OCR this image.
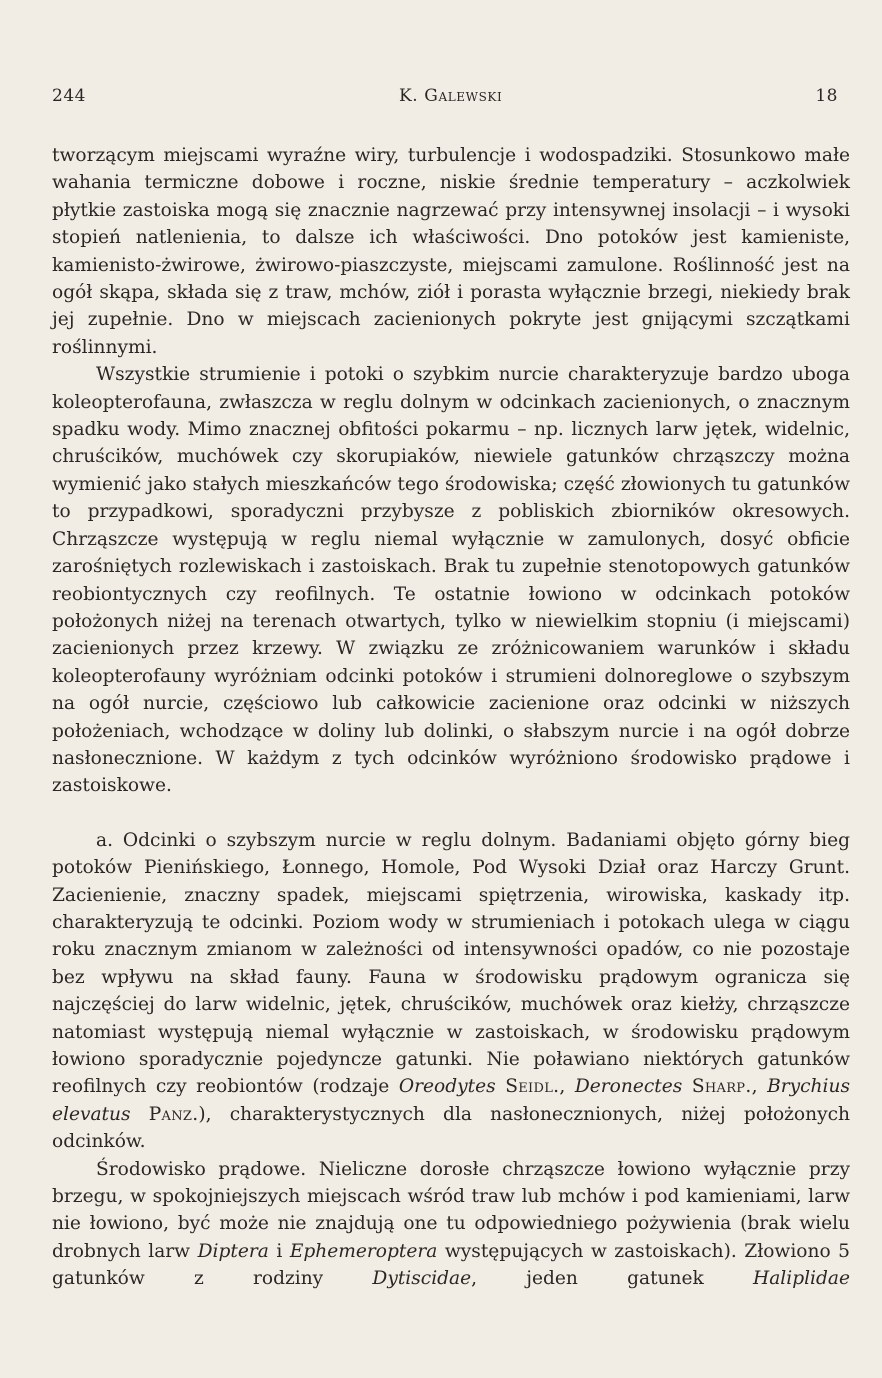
244	K. Galewski	18

tworzącym miejscami wyraźne wiry, turbulencje i wodospadziki. Stosunkowo małe wahania termiczne dobowe i roczne, niskie średnie temperatury – aczkolwiek płytkie zastoiska mogą się znacznie nagrzewać przy intensywnej insolacji – i wysoki stopień natlenienia, to dalsze ich właściwości. Dno potoków jest kamieniste, kamienisto-żwirowe, żwirowo-piaszczyste, miejscami zamulone. Roślinność jest na ogół skąpa, składa się z traw, mchów, ziół i porasta wyłącznie brzegi, niekiedy brak jej zupełnie. Dno w miejscach zacienionych pokryte jest gnijącymi szczątkami roślinnymi.

Wszystkie strumienie i potoki o szybkim nurcie charakteryzuje bardzo uboga koleopterofauna, zwłaszcza w reglu dolnym w odcinkach zacienionych, o znacznym spadku wody. Mimo znacznej obfitości pokarmu – np. licznych larw jętek, widelnic, chruścików, muchówek czy skorupiaków, niewiele gatunków chrząszczy można wymienić jako stałych mieszkańców tego środowiska; część złowionych tu gatunków to przypadkowi, sporadyczni przybysze z pobliskich zbiorników okresowych. Chrząszcze występują w reglu niemal wyłącznie w zamulonych, dosyć obficie zarośniętych rozlewiskach i zastoiskach. Brak tu zupełnie stenotopowych gatunków reobiontycznych czy reofilnych. Te ostatnie łowiono w odcinkach potoków położonych niżej na terenach otwartych, tylko w niewielkim stopniu (i miejscami) zacienionych przez krzewy. W związku ze zróżnicowaniem warunków i składu koleopterofauny wyróżniam odcinki potoków i strumieni dolnoreglowe o szybszym na ogół nurcie, częściowo lub całkowicie zacienione oraz odcinki w niższych położeniach, wchodzące w doliny lub dolinki, o słabszym nurcie i na ogół dobrze nasłonecznione. W każdym z tych odcinków wyróżniono środowisko prądowe i zastoiskowe.

a. Odcinki o szybszym nurcie w reglu dolnym. Badaniami objęto górny bieg potoków Pienińskiego, Łonnego, Homole, Pod Wysoki Dział oraz Harczy Grunt. Zacienienie, znaczny spadek, miejscami spiętrzenia, wirowiska, kaskady itp. charakteryzują te odcinki. Poziom wody w strumieniach i potokach ulega w ciągu roku znacznym zmianom w zależności od intensywności opadów, co nie pozostaje bez wpływu na skład fauny. Fauna w środowisku prądowym ogranicza się najczęściej do larw widelnic, jętek, chruścików, muchówek oraz kiełży, chrząszcze natomiast występują niemal wyłącznie w zastoiskach, w środowisku prądowym łowiono sporadycznie pojedyncze gatunki. Nie poławiano niektórych gatunków reofilnych czy reobiontów (rodzaje Oreodytes Seidl., Deronectes Sharp., Brychius elevatus Panz.), charakterystycznych dla nasłonecznionych, niżej położonych odcinków.

Środowisko prądowe. Nieliczne dorosłe chrząszcze łowiono wyłącznie przy brzegu, w spokojniejszych miejscach wśród traw lub mchów i pod kamieniami, larw nie łowiono, być może nie znajdują one tu odpowiedniego pożywienia (brak wielu drobnych larw Diptera i Ephemeroptera występujących w zastoiskach). Złowiono 5 gatunków z rodziny	Dytiscidae, jeden gatunek	Haliplidae
